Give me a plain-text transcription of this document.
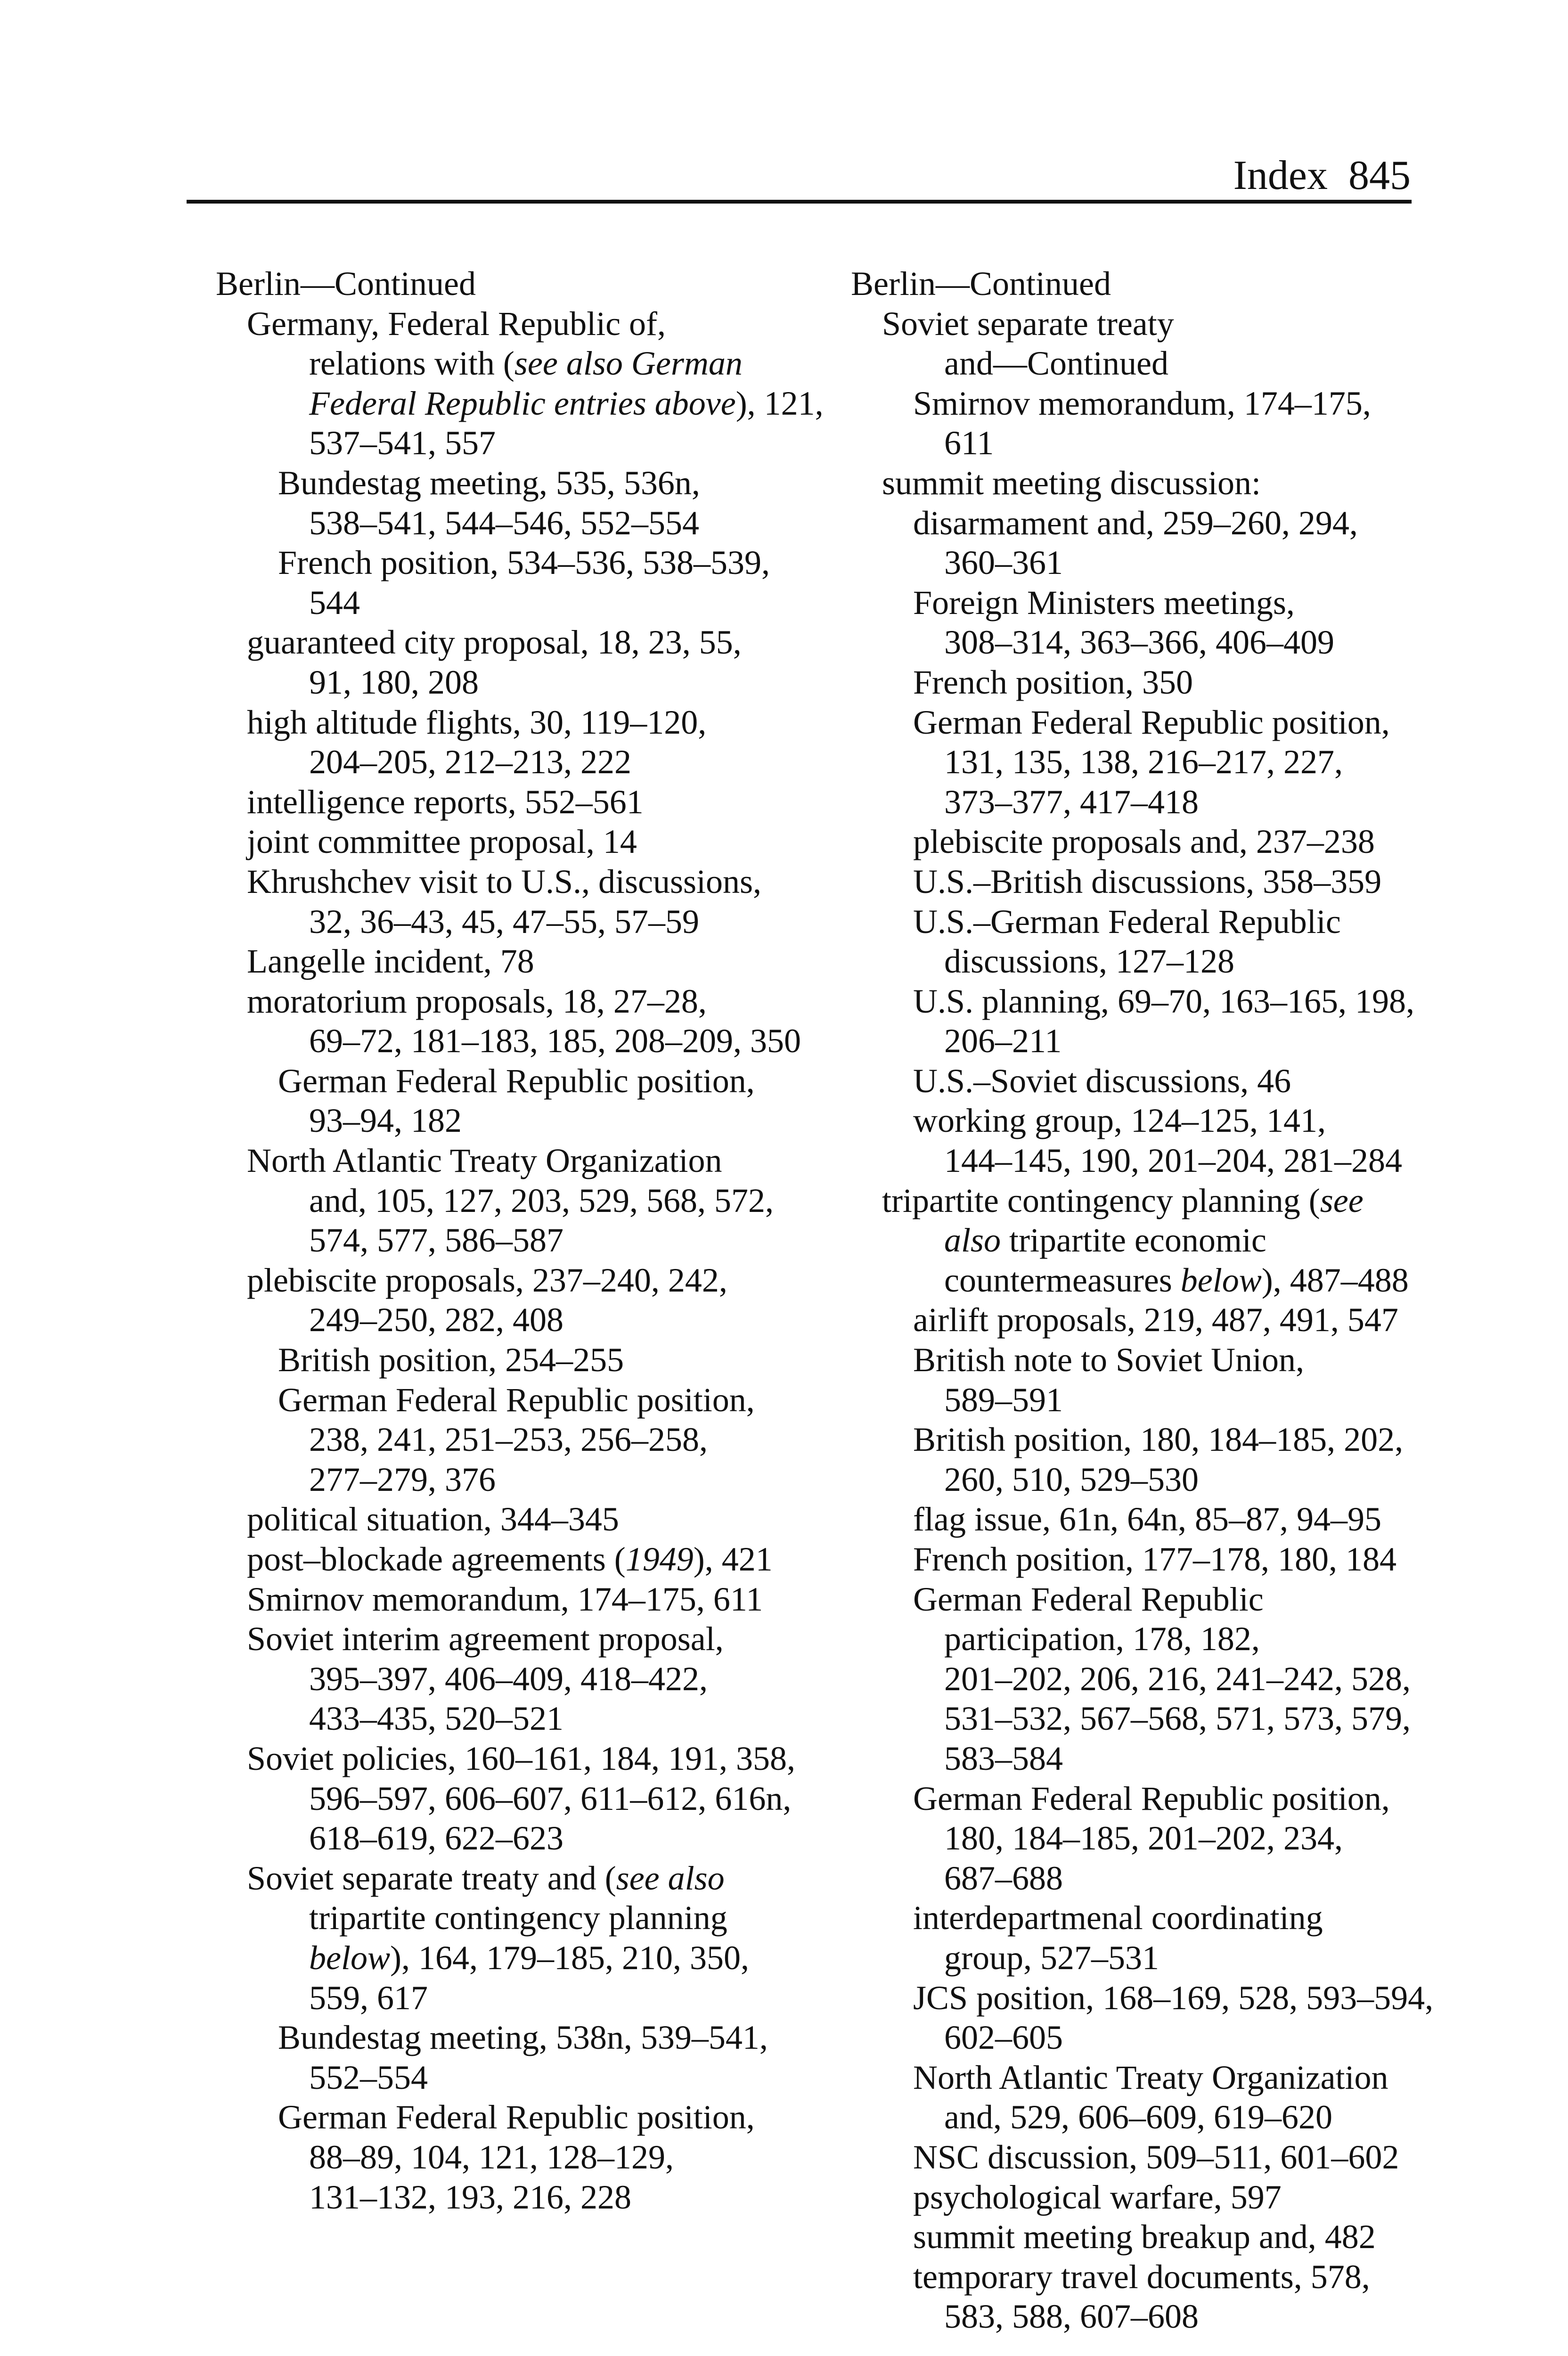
Index 845
Berlin—Continued
Germany, Federal Republic of,
relations with (see also German
Federal Republic entries above), 121,
537–541, 557
Bundestag meeting, 535, 536n,
538–541, 544–546, 552–554
French position, 534–536, 538–539,
544
guaranteed city proposal, 18, 23, 55,
91, 180, 208
high altitude flights, 30, 119–120,
204–205, 212–213, 222
intelligence reports, 552–561
joint committee proposal, 14
Khrushchev visit to U.S., discussions,
32, 36–43, 45, 47–55, 57–59
Langelle incident, 78
moratorium proposals, 18, 27–28,
69–72, 181–183, 185, 208–209, 350
German Federal Republic position,
93–94, 182
North Atlantic Treaty Organization
and, 105, 127, 203, 529, 568, 572,
574, 577, 586–587
plebiscite proposals, 237–240, 242,
249–250, 282, 408
British position, 254–255
German Federal Republic position,
238, 241, 251–253, 256–258,
277–279, 376
political situation, 344–345
post–blockade agreements (1949), 421
Smirnov memorandum, 174–175, 611
Soviet interim agreement proposal,
395–397, 406–409, 418–422,
433–435, 520–521
Soviet policies, 160–161, 184, 191, 358,
596–597, 606–607, 611–612, 616n,
618–619, 622–623
Soviet separate treaty and (see also
tripartite contingency planning
below), 164, 179–185, 210, 350,
559, 617
Bundestag meeting, 538n, 539–541,
552–554
German Federal Republic position,
88–89, 104, 121, 128–129,
131–132, 193, 216, 228
Berlin—Continued
Soviet separate treaty
and—Continued
Smirnov memorandum, 174–175,
611
summit meeting discussion:
disarmament and, 259–260, 294,
360–361
Foreign Ministers meetings,
308–314, 363–366, 406–409
French position, 350
German Federal Republic position,
131, 135, 138, 216–217, 227,
373–377, 417–418
plebiscite proposals and, 237–238
U.S.–British discussions, 358–359
U.S.–German Federal Republic
discussions, 127–128
U.S. planning, 69–70, 163–165, 198,
206–211
U.S.–Soviet discussions, 46
working group, 124–125, 141,
144–145, 190, 201–204, 281–284
tripartite contingency planning (see
also tripartite economic
countermeasures below), 487–488
airlift proposals, 219, 487, 491, 547
British note to Soviet Union,
589–591
British position, 180, 184–185, 202,
260, 510, 529–530
flag issue, 61n, 64n, 85–87, 94–95
French position, 177–178, 180, 184
German Federal Republic
participation, 178, 182,
201–202, 206, 216, 241–242, 528,
531–532, 567–568, 571, 573, 579,
583–584
German Federal Republic position,
180, 184–185, 201–202, 234,
687–688
interdepartmenal coordinating
group, 527–531
JCS position, 168–169, 528, 593–594,
602–605
North Atlantic Treaty Organization
and, 529, 606–609, 619–620
NSC discussion, 509–511, 601–602
psychological warfare, 597
summit meeting breakup and, 482
temporary travel documents, 578,
583, 588, 607–608
